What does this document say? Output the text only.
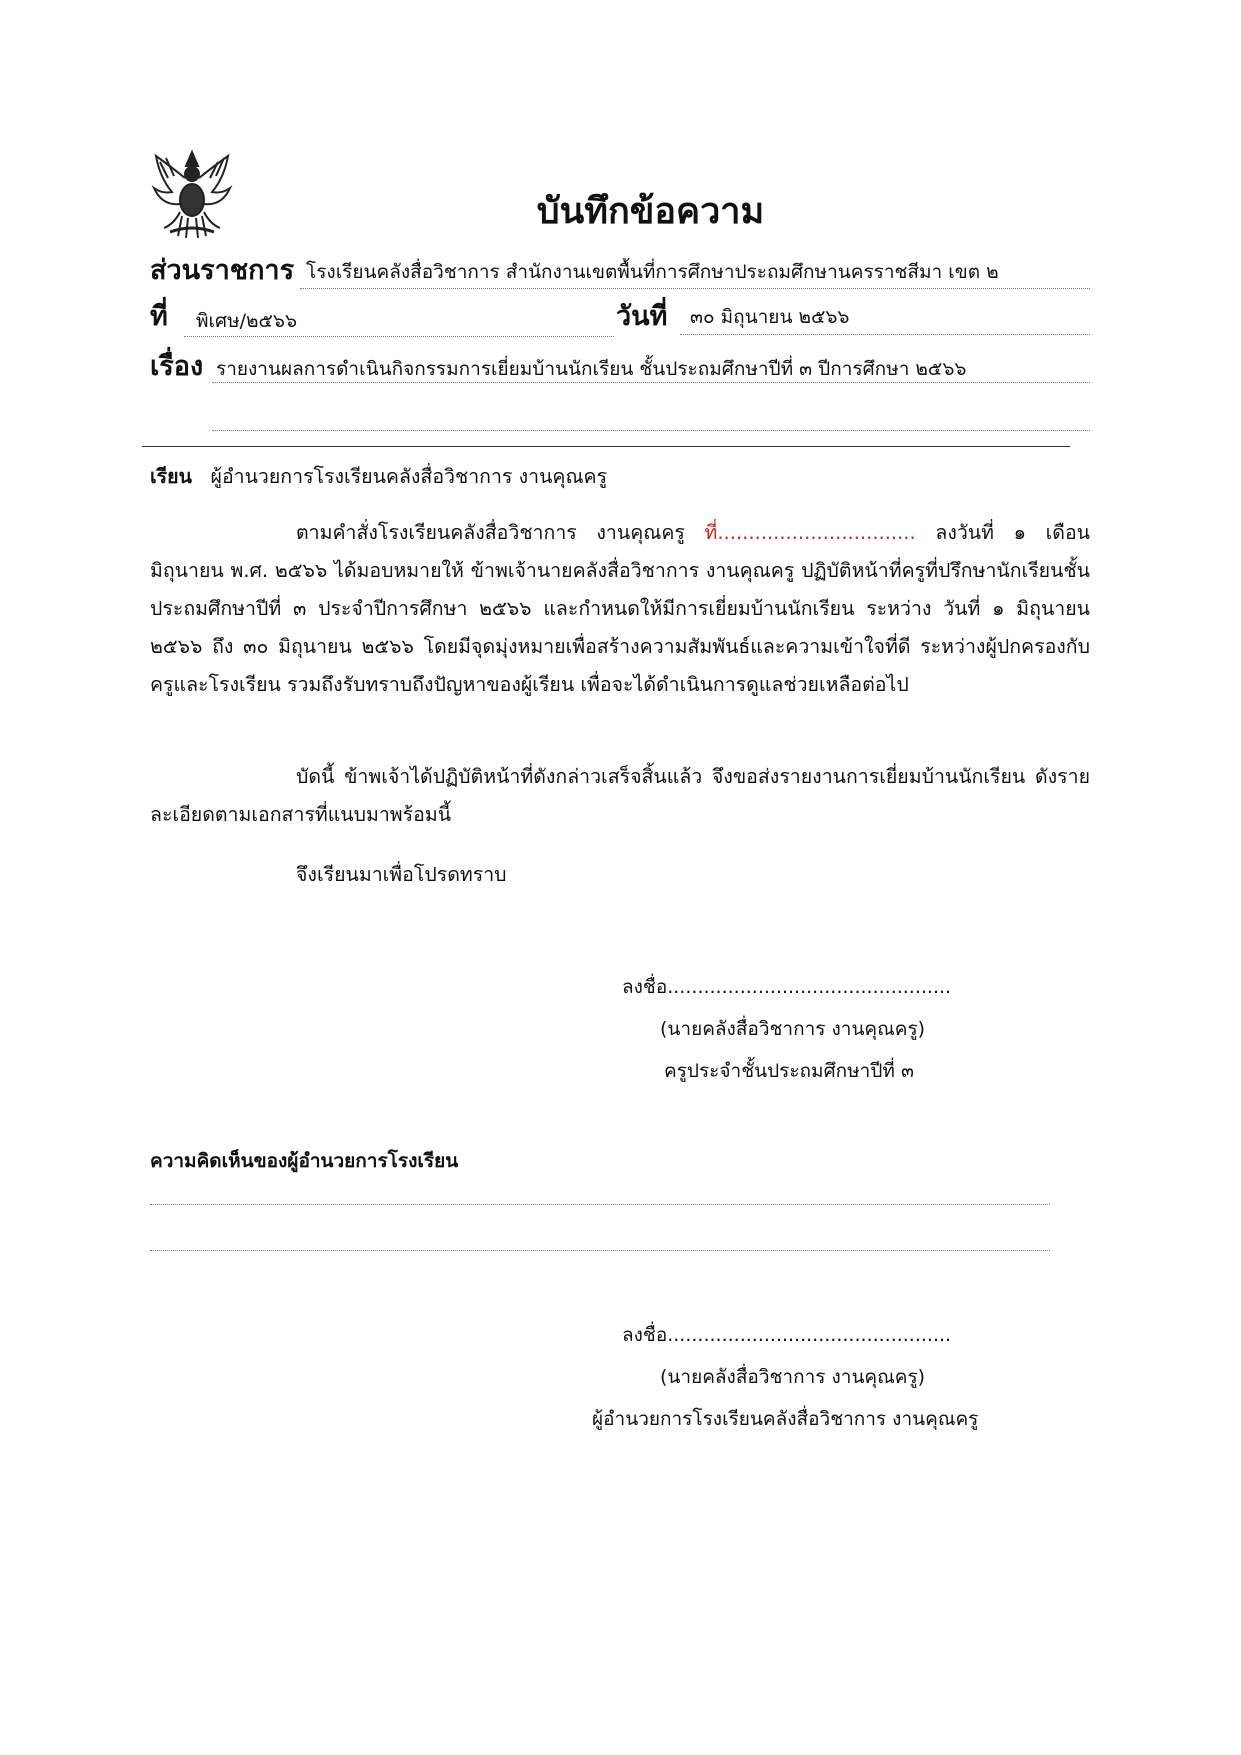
บันทึกข้อความ
ส่วนราชการ โรงเรียนคลังสื่อวิชาการ สำนักงานเขตพื้นที่การศึกษาประถมศึกษานครราชสีมา เขต ๒
ที่ พิเศษ/๒๕๖๖	วันที่ ๓๐ มิถุนายน ๒๕๖๖
เรื่อง รายงานผลการดำเนินกิจกรรมการเยี่ยมบ้านนักเรียน ชั้นประถมศึกษาปีที่ ๓ ปีการศึกษา ๒๕๖๖
เรียน ผู้อำนวยการโรงเรียนคลังสื่อวิชาการ งานคุณครู
ตามคำสั่งโรงเรียนคลังสื่อวิชาการ งานคุณครู ที่................................ ลงวันที่ ๑ เดือน มิถุนายน พ.ศ. ๒๕๖๖ ได้มอบหมายให้ ข้าพเจ้านายคลังสื่อวิชาการ งานคุณครู ปฏิบัติหน้าที่ครูที่ปรึกษานักเรียนชั้นประถมศึกษาปีที่ ๓ ประจำปีการศึกษา ๒๕๖๖ และกำหนดให้มีการเยี่ยมบ้านนักเรียน ระหว่าง วันที่ ๑ มิถุนายน ๒๕๖๖ ถึง ๓๐ มิถุนายน ๒๕๖๖ โดยมีจุดมุ่งหมายเพื่อสร้างความสัมพันธ์และความเข้าใจที่ดี ระหว่างผู้ปกครองกับครูและโรงเรียน รวมถึงรับทราบถึงปัญหาของผู้เรียน เพื่อจะได้ดำเนินการดูแลช่วยเหลือต่อไป
บัดนี้ ข้าพเจ้าได้ปฏิบัติหน้าที่ดังกล่าวเสร็จสิ้นแล้ว จึงขอส่งรายงานการเยี่ยมบ้านนักเรียน ดังรายละเอียดตามเอกสารที่แนบมาพร้อมนี้
จึงเรียนมาเพื่อโปรดทราบ
ลงชื่อ...............................................
(นายคลังสื่อวิชาการ งานคุณครู)
ครูประจำชั้นประถมศึกษาปีที่ ๓
ความคิดเห็นของผู้อำนวยการโรงเรียน
ลงชื่อ...............................................
(นายคลังสื่อวิชาการ งานคุณครู)
ผู้อำนวยการโรงเรียนคลังสื่อวิชาการ งานคุณครู
